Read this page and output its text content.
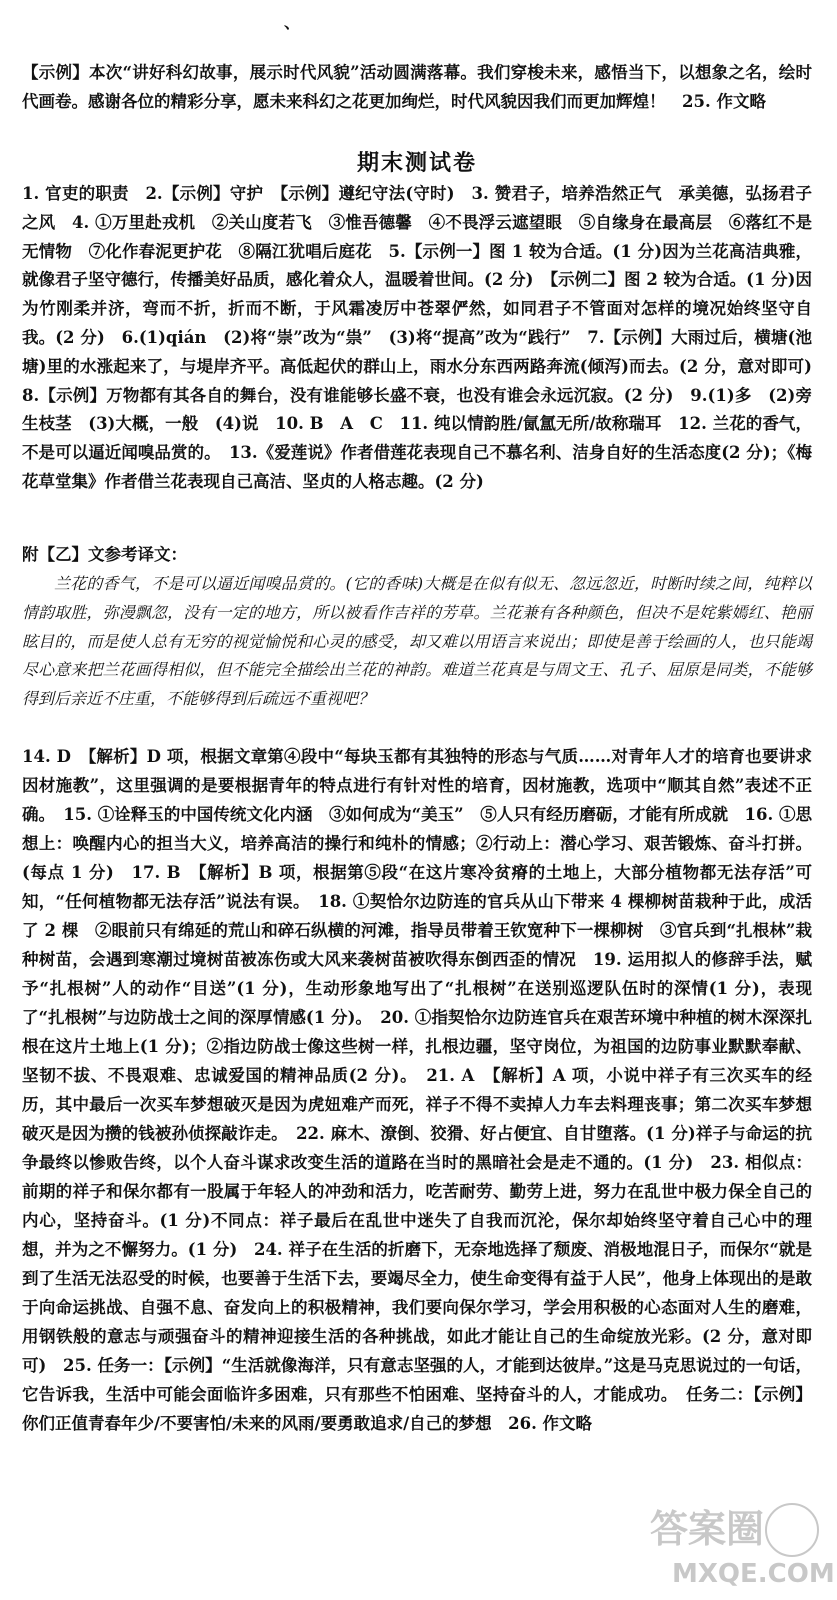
、
【示例】本次“讲好科幻故事，展示时代风貌”活动圆满落幕。我们穿梭未来，感悟当下，以想象之名，绘时代画卷。感谢各位的精彩分享，愿未来科幻之花更加绚烂，时代风貌因我们而更加辉煌！　25. 作文略
期末测试卷
1. 官吏的职责　2.【示例】守护　【示例】遵纪守法(守时)　3. 赞君子，培养浩然正气　承美德，弘扬君子之风　4. ①万里赴戎机　②关山度若飞　③惟吾德馨　④不畏浮云遮望眼　⑤自缘身在最高层　⑥落红不是无情物　⑦化作春泥更护花　⑧隔江犹唱后庭花　5.【示例一】图 1 较为合适。(1 分)因为兰花高洁典雅，就像君子坚守德行，传播美好品质，感化着众人，温暖着世间。(2 分)　【示例二】图 2 较为合适。(1 分)因为竹刚柔并济，弯而不折，折而不断，于风霜凌厉中苍翠俨然，如同君子不管面对怎样的境况始终坚守自我。(2 分)　6.(1)qián　(2)将“崇”改为“祟”　(3)将“提高”改为“践行”　7.【示例】大雨过后，横塘(池塘)里的水涨起来了，与堤岸齐平。高低起伏的群山上，雨水分东西两路奔流(倾泻)而去。(2 分，意对即可)　8.【示例】万物都有其各自的舞台，没有谁能够长盛不衰，也没有谁会永远沉寂。(2 分)　9.(1)多　(2)旁生枝茎　(3)大概，一般　(4)说　10. B　A　C　11. 纯以情韵胜/氤氲无所/故称瑞耳　12. 兰花的香气，不是可以逼近闻嗅品赏的。　13.《爱莲说》作者借莲花表现自己不慕名利、洁身自好的生活态度(2 分)；《梅花草堂集》作者借兰花表现自己高洁、坚贞的人格志趣。(2 分)
附【乙】文参考译文：
兰花的香气，不是可以逼近闻嗅品赏的。(它的香味)大概是在似有似无、忽远忽近，时断时续之间，纯粹以情韵取胜，弥漫飘忽，没有一定的地方，所以被看作吉祥的芳草。兰花兼有各种颜色，但决不是姹紫嫣红、艳丽眩目的，而是使人总有无穷的视觉愉悦和心灵的感受，却又难以用语言来说出；即使是善于绘画的人，也只能竭尽心意来把兰花画得相似，但不能完全描绘出兰花的神韵。难道兰花真是与周文王、孔子、屈原是同类，不能够得到后亲近不庄重，不能够得到后疏远不重视吧？
14. D　【解析】D 项，根据文章第④段中“每块玉都有其独特的形态与气质……对青年人才的培育也要讲求因材施教”，这里强调的是要根据青年的特点进行有针对性的培育，因材施教，选项中“顺其自然”表述不正确。　15. ①诠释玉的中国传统文化内涵　③如何成为“美玉”　⑤人只有经历磨砺，才能有所成就　16. ①思想上：唤醒内心的担当大义，培养高洁的操行和纯朴的情感；②行动上：潜心学习、艰苦锻炼、奋斗打拼。(每点 1 分)　17. B　【解析】B 项，根据第⑤段“在这片寒冷贫瘠的土地上，大部分植物都无法存活”可知，“任何植物都无法存活”说法有误。　18. ①契恰尔边防连的官兵从山下带来 4 棵柳树苗栽种于此，成活了 2 棵　②眼前只有绵延的荒山和碎石纵横的河滩，指导员带着王钦宽种下一棵柳树　③官兵到“扎根林”栽种树苗，会遇到寒潮过境树苗被冻伤或大风来袭树苗被吹得东倒西歪的情况　19. 运用拟人的修辞手法，赋予“扎根树”人的动作“目送”(1 分)，生动形象地写出了“扎根树”在送别巡逻队伍时的深情(1 分)，表现了“扎根树”与边防战士之间的深厚情感(1 分)。　20. ①指契恰尔边防连官兵在艰苦环境中种植的树木深深扎根在这片土地上(1 分)；②指边防战士像这些树一样，扎根边疆，坚守岗位，为祖国的边防事业默默奉献、坚韧不拔、不畏艰难、忠诚爱国的精神品质(2 分)。　21. A　【解析】A 项，小说中祥子有三次买车的经历，其中最后一次买车梦想破灭是因为虎妞难产而死，祥子不得不卖掉人力车去料理丧事；第二次买车梦想破灭是因为攒的钱被孙侦探敲诈走。　22. 麻木、潦倒、狡猾、好占便宜、自甘堕落。(1 分)祥子与命运的抗争最终以惨败告终，以个人奋斗谋求改变生活的道路在当时的黑暗社会是走不通的。(1 分)　23. 相似点：前期的祥子和保尔都有一股属于年轻人的冲劲和活力，吃苦耐劳、勤劳上进，努力在乱世中极力保全自己的内心，坚持奋斗。(1 分)不同点：祥子最后在乱世中迷失了自我而沉沦，保尔却始终坚守着自己心中的理想，并为之不懈努力。(1 分)　24. 祥子在生活的折磨下，无奈地选择了颓废、消极地混日子，而保尔“就是到了生活无法忍受的时候，也要善于生活下去，要竭尽全力，使生命变得有益于人民”，他身上体现出的是敢于向命运挑战、自强不息、奋发向上的积极精神，我们要向保尔学习，学会用积极的心态面对人生的磨难，用钢铁般的意志与顽强奋斗的精神迎接生活的各种挑战，如此才能让自己的生命绽放光彩。(2 分，意对即可)　25. 任务一：【示例】“生活就像海洋，只有意志坚强的人，才能到达彼岸。”这是马克思说过的一句话，它告诉我，生活中可能会面临许多困难，只有那些不怕困难、坚持奋斗的人，才能成功。　任务二：【示例】你们正值青春年少/不要害怕/未来的风雨/要勇敢追求/自己的梦想　26. 作文略
答案圈
MXQE.COM
